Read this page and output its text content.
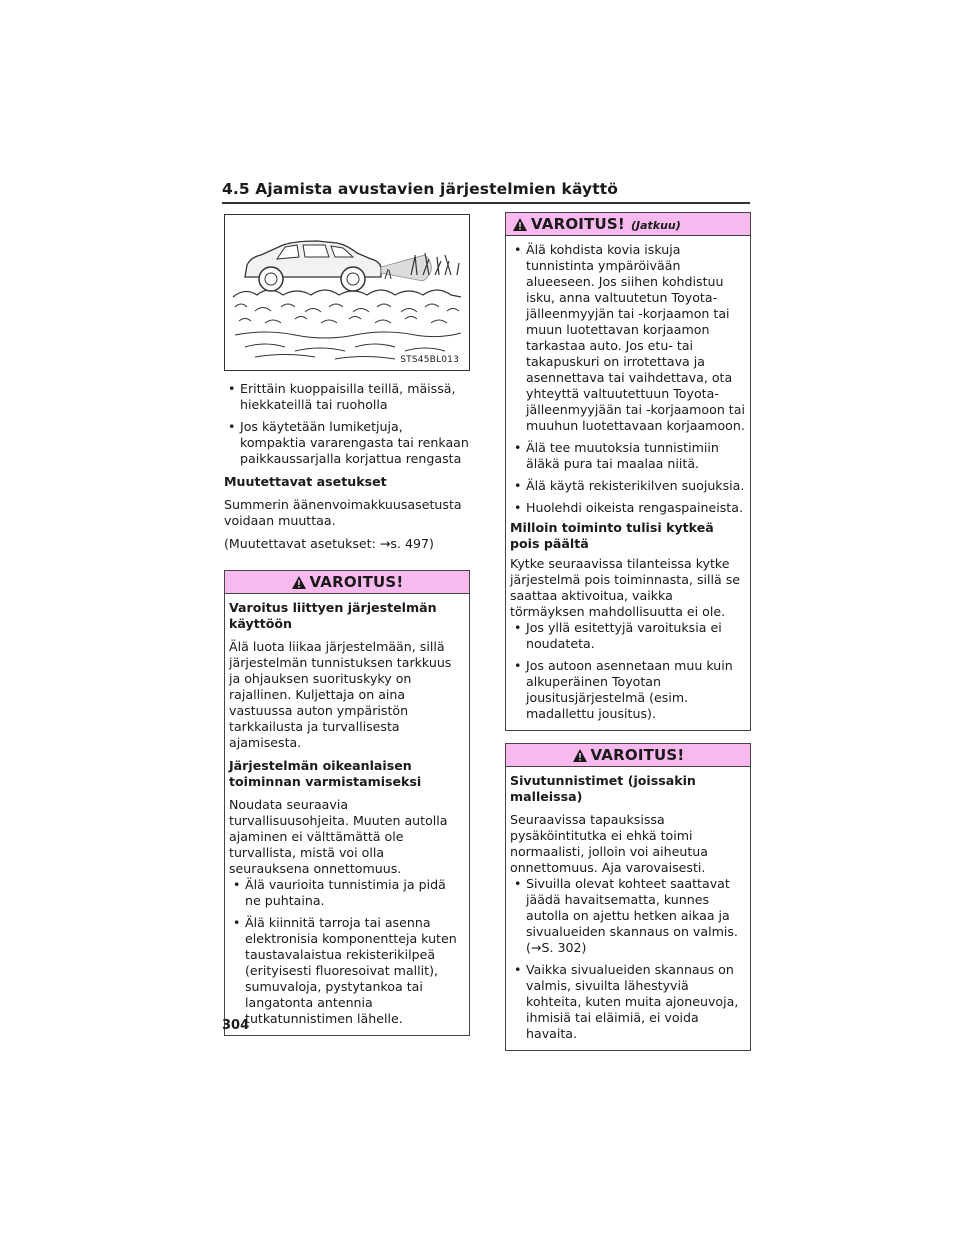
4.5 Ajamista avustavien järjestelmien käyttö
STS45BL013
• Erittäin kuoppaisilla teillä, mäissä, hiekkateillä tai ruoholla
• Jos käytetään lumiketjuja, kompaktia vararengasta tai renkaan paikkaussarjalla korjattua rengasta
Muutettavat asetukset
Summerin äänenvoimakkuusasetusta voidaan muuttaa.
(Muutettavat asetukset: →s. 497)
VAROITUS!
Varoitus liittyen järjestelmän käyttöön
Älä luota liikaa järjestelmään, sillä järjestelmän tunnistuksen tarkkuus ja ohjauksen suorituskyky on rajallinen. Kuljettaja on aina vastuussa auton ympäristön tarkkailusta ja turvallisesta ajamisesta.
Järjestelmän oikeanlaisen toiminnan varmistamiseksi
Noudata seuraavia turvallisuusohjeita. Muuten autolla ajaminen ei välttämättä ole turvallista, mistä voi olla seurauksena onnettomuus.
• Älä vaurioita tunnistimia ja pidä ne puhtaina.
• Älä kiinnitä tarroja tai asenna elektronisia komponentteja kuten taustavalaistua rekisterikilpeä (erityisesti fluoresoivat mallit), sumuvaloja, pystytankoa tai langatonta antennia tutkatunnistimen lähelle.
VAROITUS! (Jatkuu)
• Älä kohdista kovia iskuja tunnistinta ympäröivään alueeseen. Jos siihen kohdistuu isku, anna valtuutetun Toyota-jälleenmyyjän tai -korjaamon tai muun luotettavan korjaamon tarkastaa auto. Jos etu- tai takapuskuri on irrotettava ja asennettava tai vaihdettava, ota yhteyttä valtuutettuun Toyota-jälleenmyyjään tai -korjaamoon tai muuhun luotettavaan korjaamoon.
• Älä tee muutoksia tunnistimiin äläkä pura tai maalaa niitä.
• Älä käytä rekisterikilven suojuksia.
• Huolehdi oikeista rengaspaineista.
Milloin toiminto tulisi kytkeä pois päältä
Kytke seuraavissa tilanteissa kytke järjestelmä pois toiminnasta, sillä se saattaa aktivoitua, vaikka törmäyksen mahdollisuutta ei ole.
• Jos yllä esitettyjä varoituksia ei noudateta.
• Jos autoon asennetaan muu kuin alkuperäinen Toyotan jousitusjärjestelmä (esim. madallettu jousitus).
VAROITUS!
Sivutunnistimet (joissakin malleissa)
Seuraavissa tapauksissa pysäköintitutka ei ehkä toimi normaalisti, jolloin voi aiheutua onnettomuus. Aja varovaisesti.
• Sivuilla olevat kohteet saattavat jäädä havaitsematta, kunnes autolla on ajettu hetken aikaa ja sivualueiden skannaus on valmis. (→S. 302)
• Vaikka sivualueiden skannaus on valmis, sivuilta lähestyviä kohteita, kuten muita ajoneuvoja, ihmisiä tai eläimiä, ei voida havaita.
304
